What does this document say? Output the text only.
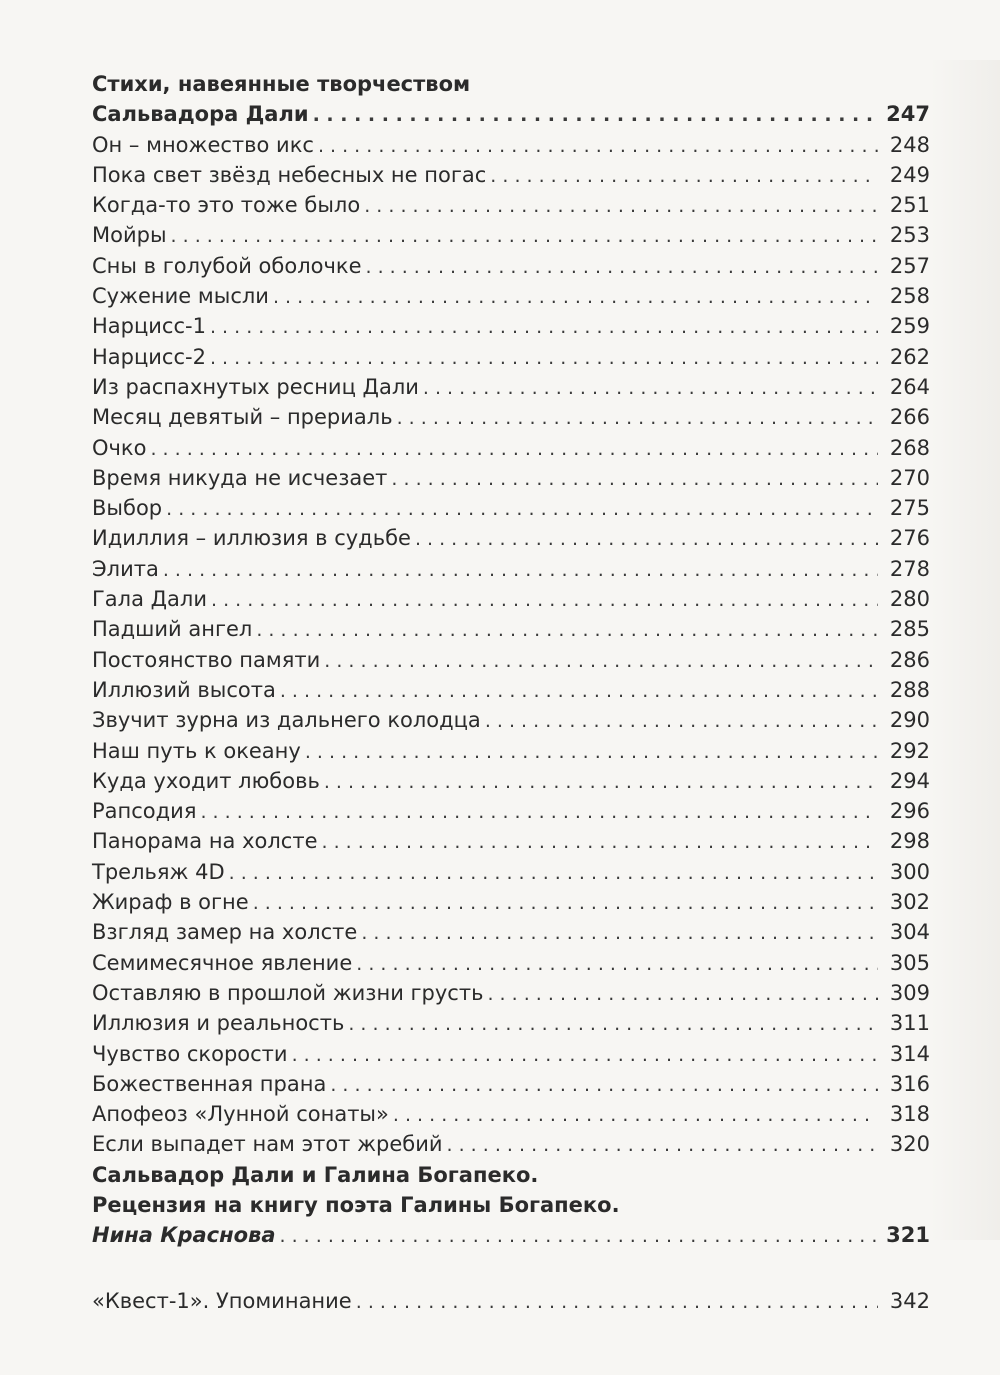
Стихи, навеянные творчеством
Сальвадора Дали . . .	247
Он – множество икс . . .	248
Пока свет звёзд небесных не погас . . .	249
Когда-то это тоже было . . .	251
Мойры . . .	253
Сны в голубой оболочке . . .	257
Сужение мысли . . .	258
Нарцисс-1 . . .	259
Нарцисс-2 . . .	262
Из распахнутых ресниц Дали . . .	264
Месяц девятый – прериаль . . .	266
Очко . . .	268
Время никуда не исчезает . . .	270
Выбор . . .	275
Идиллия – иллюзия в судьбе . . .	276
Элита . . .	278
Гала Дали . . .	280
Падший ангел . . .	285
Постоянство памяти . . .	286
Иллюзий высота . . .	288
Звучит зурна из дальнего колодца . . .	290
Наш путь к океану . . .	292
Куда уходит любовь . . .	294
Рапсодия . . .	296
Панорама на холсте . . .	298
Трельяж 4D . . .	300
Жираф в огне . . .	302
Взгляд замер на холсте . . .	304
Семимесячное явление . . .	305
Оставляю в прошлой жизни грусть . . .	309
Иллюзия и реальность . . .	311
Чувство скорости . . .	314
Божественная прана . . .	316
Апофеоз «Лунной сонаты» . . .	318
Если выпадет нам этот жребий . . .	320
Сальвадор Дали и Галина Богапеко.
Рецензия на книгу поэта Галины Богапеко.
Нина Краснова . . .	321
«Квест-1». Упоминание . . .	342
